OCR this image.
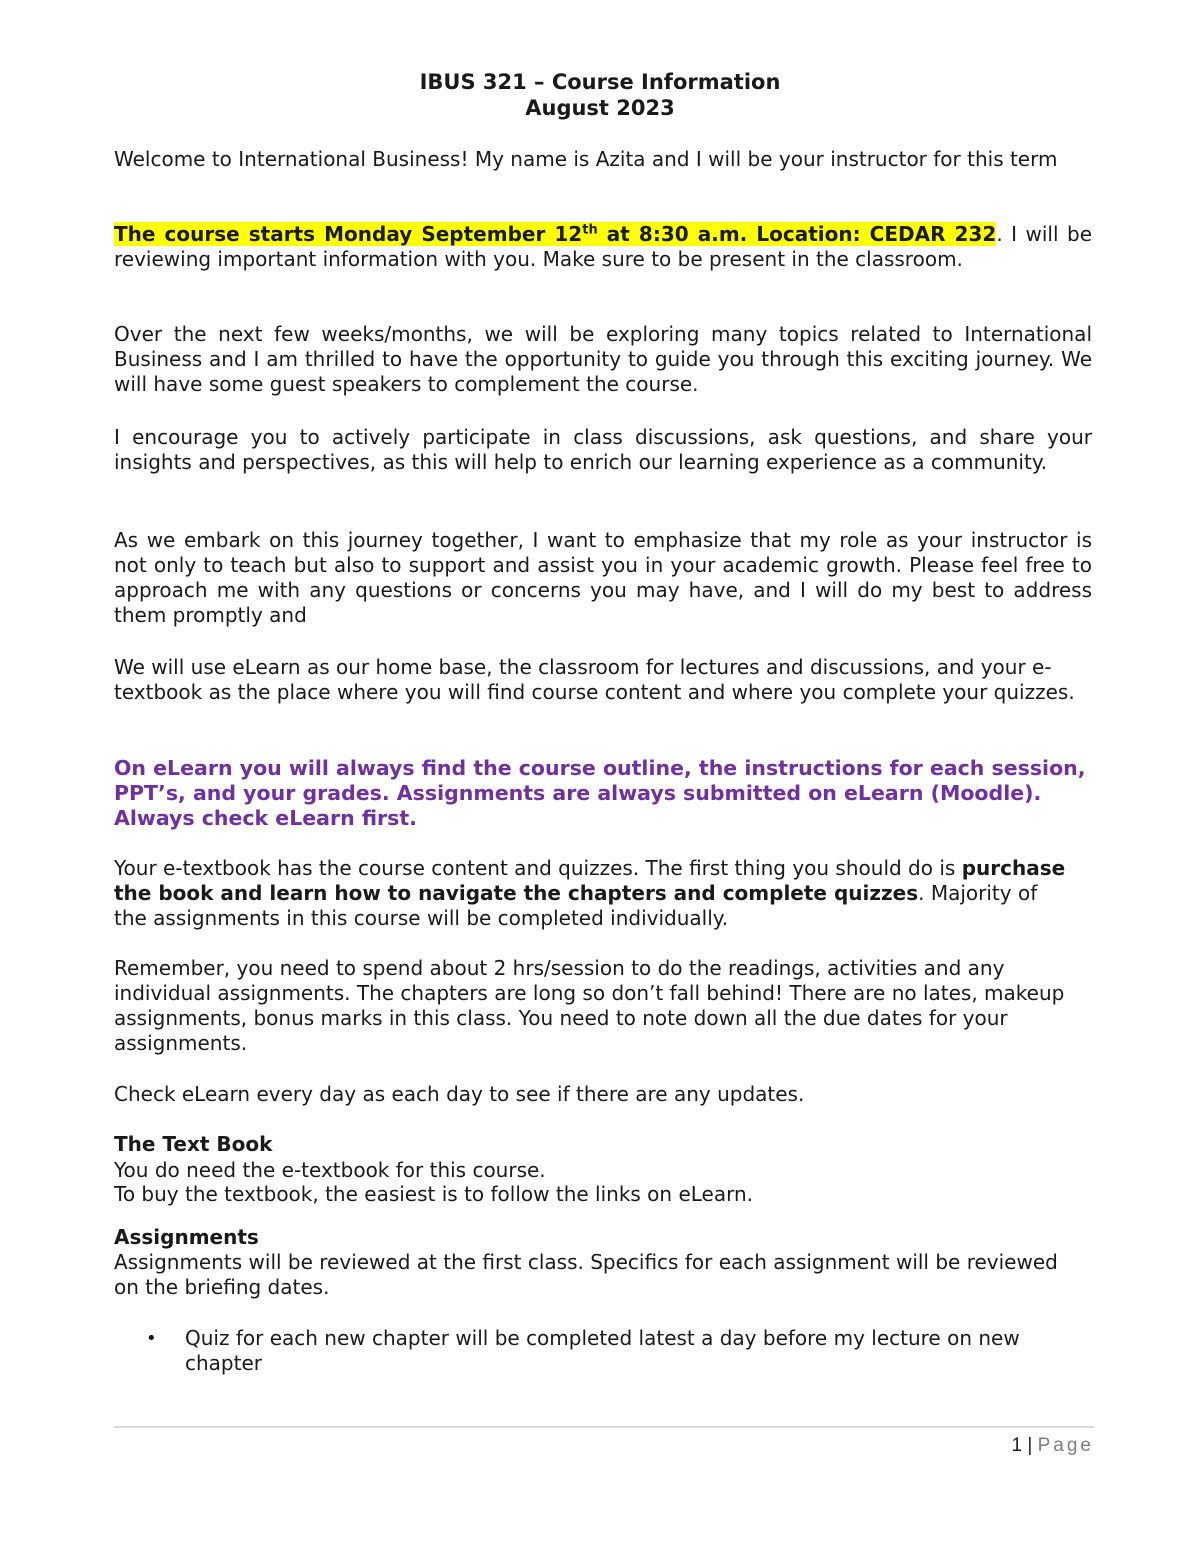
IBUS 321 – Course Information
August 2023
Welcome to International Business! My name is Azita and I will be your instructor for this term
The course starts Monday September 12th at 8:30 a.m. Location: CEDAR 232. I will be reviewing important information with you. Make sure to be present in the classroom.
Over the next few weeks/months, we will be exploring many topics related to International Business and I am thrilled to have the opportunity to guide you through this exciting journey. We will have some guest speakers to complement the course.
I encourage you to actively participate in class discussions, ask questions, and share your insights and perspectives, as this will help to enrich our learning experience as a community.
As we embark on this journey together, I want to emphasize that my role as your instructor is not only to teach but also to support and assist you in your academic growth. Please feel free to approach me with any questions or concerns you may have, and I will do my best to address them promptly and
We will use eLearn as our home base, the classroom for lectures and discussions, and your e-textbook as the place where you will find course content and where you complete your quizzes.
On eLearn you will always find the course outline, the instructions for each session, PPT’s, and your grades. Assignments are always submitted on eLearn (Moodle). Always check eLearn first.
Your e-textbook has the course content and quizzes. The first thing you should do is purchase the book and learn how to navigate the chapters and complete quizzes. Majority of the assignments in this course will be completed individually.
Remember, you need to spend about 2 hrs/session to do the readings, activities and any individual assignments. The chapters are long so don’t fall behind! There are no lates, makeup assignments, bonus marks in this class. You need to note down all the due dates for your assignments.
Check eLearn every day as each day to see if there are any updates.
The Text Book
You do need the e-textbook for this course.
To buy the textbook, the easiest is to follow the links on eLearn.
Assignments
Assignments will be reviewed at the first class. Specifics for each assignment will be reviewed on the briefing dates.
• Quiz for each new chapter will be completed latest a day before my lecture on new chapter
1 | Page
